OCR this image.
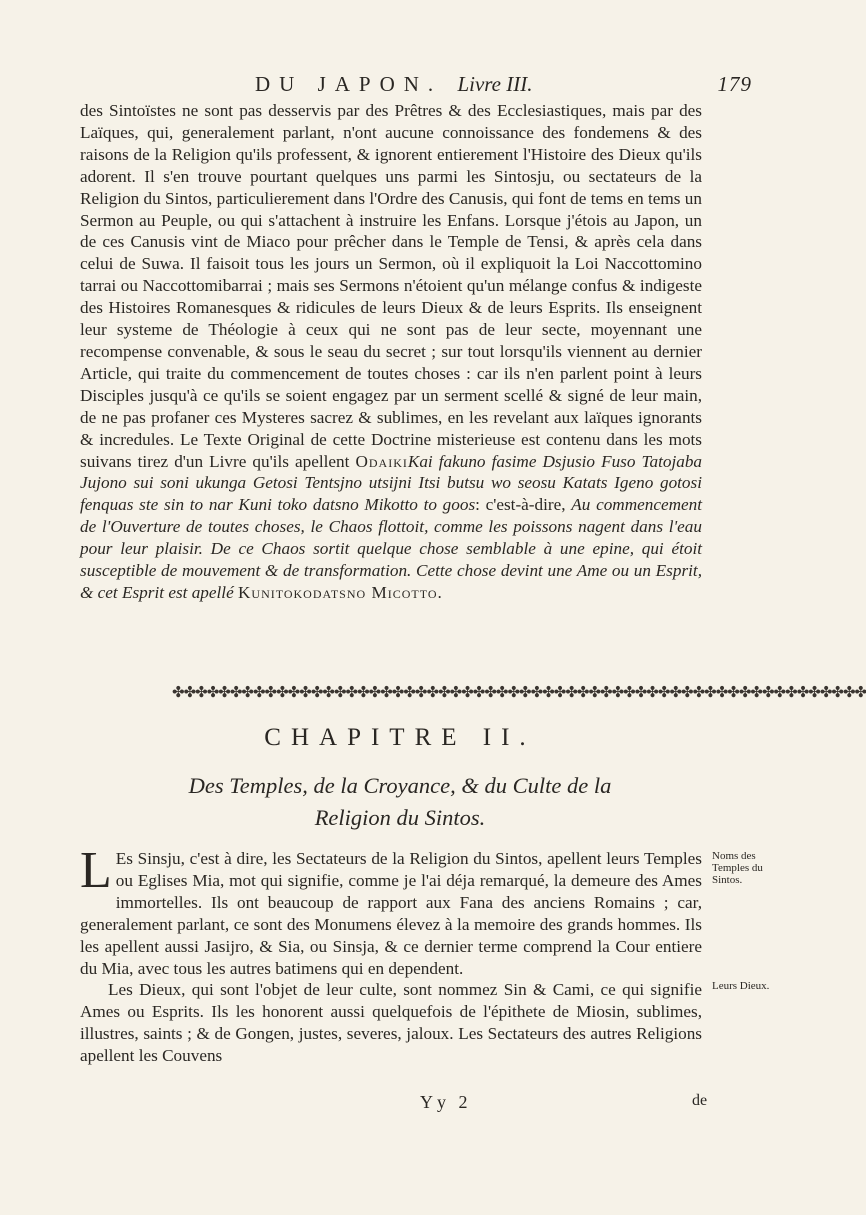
DU JAPON. Livre III.	179
des Sintoïstes ne sont pas desservis par des Prêtres & des Ecclesiastiques, mais par des Laïques, qui, generalement parlant, n'ont aucune connoissance des fondemens & des raisons de la Religion qu'ils professent, & ignorent entierement l'Histoire des Dieux qu'ils adorent. Il s'en trouve pourtant quelques uns parmi les Sintosju, ou sectateurs de la Religion du Sintos, particulierement dans l'Ordre des Canusis, qui font de tems en tems un Sermon au Peuple, ou qui s'attachent à instruire les Enfans. Lorsque j'étois au Japon, un de ces Canusis vint de Miaco pour prêcher dans le Temple de Tensi, & après cela dans celui de Suwa. Il faisoit tous les jours un Sermon, où il expliquoit la Loi Naccottomino tarrai ou Naccottomibarrai ; mais ses Sermons n'étoient qu'un mélange confus & indigeste des Histoires Romanesques & ridicules de leurs Dieux & de leurs Esprits. Ils enseignent leur systeme de Théologie à ceux qui ne sont pas de leur secte, moyennant une recompense convenable, & sous le seau du secret ; sur tout lorsqu'ils viennent au dernier Article, qui traite du commencement de toutes choses : car ils n'en parlent point à leurs Disciples jusqu'à ce qu'ils se soient engagez par un serment scellé & signé de leur main, de ne pas profaner ces Mysteres sacrez & sublimes, en les revelant aux laïques ignorants & incredules. Le Texte Original de cette Doctrine misterieuse est contenu dans les mots suivans tirez d'un Livre qu'ils apellent OdaikiKai fakuno fasime Dsjusio Fuso Tatojaba Jujono sui soni ukunga Getosi Tentsjno utsijni Itsi butsu wo seosu Katats Igeno gotosi fenquas ste sin to nar Kuni toko datsno Mikotto to goos: c'est-à-dire, Au commencement de l'Ouverture de toutes choses, le Chaos flottoit, comme les poissons nagent dans l'eau pour leur plaisir. De ce Chaos sortit quelque chose semblable à une epine, qui étoit susceptible de mouvement & de transformation. Cette chose devint une Ame ou un Esprit, & cet Esprit est apellé Kunitokodatsno Micotto.
✤✤✤✤✤✤✤✤✤✤✤✤✤✤✤✤✤✤✤✤✤✤✤✤✤✤✤✤✤✤✤✤✤✤✤✤✤✤✤✤✤✤✤✤✤✤✤✤✤✤✤✤✤✤✤✤✤✤✤✤
CHAPITRE II.
Des Temples, de la Croyance, & du Culte de la
Religion du Sintos.
L Es Sinsju, c'est à dire, les Sectateurs de la Religion du Sintos, apellent leurs Temples ou Eglises Mia, mot qui signifie, comme je l'ai déja remarqué, la demeure des Ames immortelles. Ils ont beaucoup de rapport aux Fana des anciens Romains ; car, generalement parlant, ce sont des Monumens élevez à la memoire des grands hommes. Ils les apellent aussi Jasijro, & Sia, ou Sinsja, & ce dernier terme comprend la Cour entiere du Mia, avec tous les autres batimens qui en dependent.
Les Dieux, qui sont l'objet de leur culte, sont nommez Sin & Cami, ce qui signifie Ames ou Esprits. Ils les honorent aussi quelquefois de l'épithete de Miosin, sublimes, illustres, saints ; & de Gongen, justes, severes, jaloux. Les Sectateurs des autres Religions apellent les Couvens
Noms des Temples du Sintos.
Leurs Dieux.
Yy 2	de
